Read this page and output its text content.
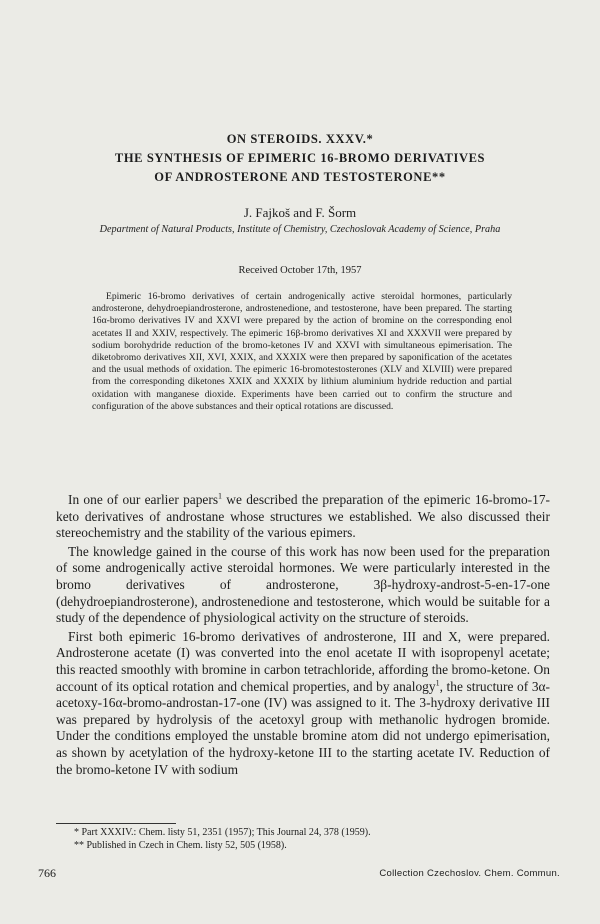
ON STEROIDS. XXXV.*

THE SYNTHESIS OF EPIMERIC 16-BROMO DERIVATIVES

OF ANDROSTERONE AND TESTOSTERONE**

J. Fajkoš and F. Šorm
Department of Natural Products, Institute of Chemistry, Czechoslovak Academy of Science, Praha
Received October 17th, 1957

Epimeric 16-bromo derivatives of certain androgenically active steroidal hormones, particularly androsterone, dehydroepiandrosterone, androstenedione, and testosterone, have been prepared. The starting 16α-bromo derivatives IV and XXVI were prepared by the action of bromine on the corresponding enol acetates II and XXIV, respectively. The epimeric 16β-bromo derivatives XI and XXXVII were prepared by sodium borohydride reduction of the bromo-ketones IV and XXVI with simultaneous epimerisation. The diketobromo derivatives XII, XVI, XXIX, and XXXIX were then prepared by saponification of the acetates and the usual methods of oxidation. The epimeric 16-bromotestosterones (XLV and XLVIII) were prepared from the corresponding diketones XXIX and XXXIX by lithium aluminium hydride reduction and partial oxidation with manganese dioxide. Experiments have been carried out to confirm the structure and configuration of the above substances and their optical rotations are discussed.

In one of our earlier papers$^1$ we described the preparation of the epimeric 16-bromo-17-keto derivatives of androstane whose structures we established. We also discussed their stereochemistry and the stability of the various epimers.

The knowledge gained in the course of this work has now been used for the preparation of some androgenically active steroidal hormones. We were particularly interested in the bromo derivatives of androsterone, 3β-hydroxy-androst-5-en-17-one (dehydroepiandrosterone), androstenedione and testosterone, which would be suitable for a study of the dependence of physiological activity on the structure of steroids.

First both epimeric 16-bromo derivatives of androsterone, III and X, were prepared. Androsterone acetate (I) was converted into the enol acetate II with isopropenyl acetate; this reacted smoothly with bromine in carbon tetrachloride, affording the bromo-ketone. On account of its optical rotation and chemical properties, and by analogy$^1$, the structure of 3α-acetoxy-16α-bromo-androstan-17-one (IV) was assigned to it. The 3-hydroxy derivative III was prepared by hydrolysis of the acetoxyl group with methanolic hydrogen bromide. Under the conditions employed the unstable bromine atom did not undergo epimerisation, as shown by acetylation of the hydroxy-ketone III to the starting acetate IV. Reduction of the bromo-ketone IV with sodium

* Part XXXIV.: Chem. listy 51, 2351 (1957); This Journal 24, 378 (1959).
** Published in Czech in Chem. listy 52, 505 (1958).
766	Collection Czechoslov. Chem. Commun.
